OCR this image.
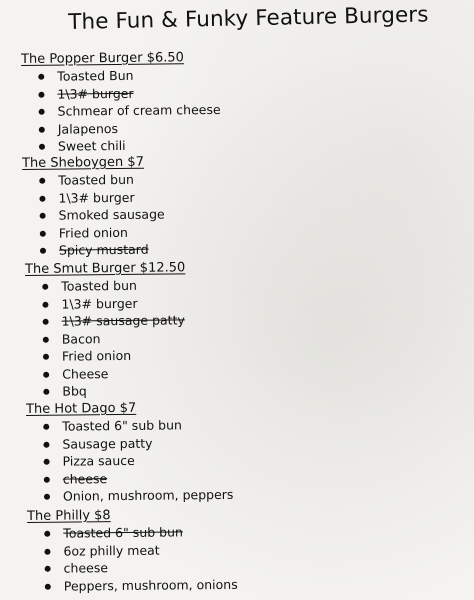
The Fun & Funky Feature Burgers
The Popper Burger $6.50
Toasted Bun
1\3# burger
Schmear of cream cheese
Jalapenos
Sweet chili
The Sheboygen $7
Toasted bun
1\3# burger
Smoked sausage
Fried onion
Spicy mustard
The Smut Burger $12.50
Toasted bun
1\3# burger
1\3# sausage patty
Bacon
Fried onion
Cheese
Bbq
The Hot Dago $7
Toasted 6" sub bun
Sausage patty
Pizza sauce
cheese
Onion, mushroom, peppers
The Philly $8
Toasted 6" sub bun
6oz philly meat
cheese
Peppers, mushroom, onions
